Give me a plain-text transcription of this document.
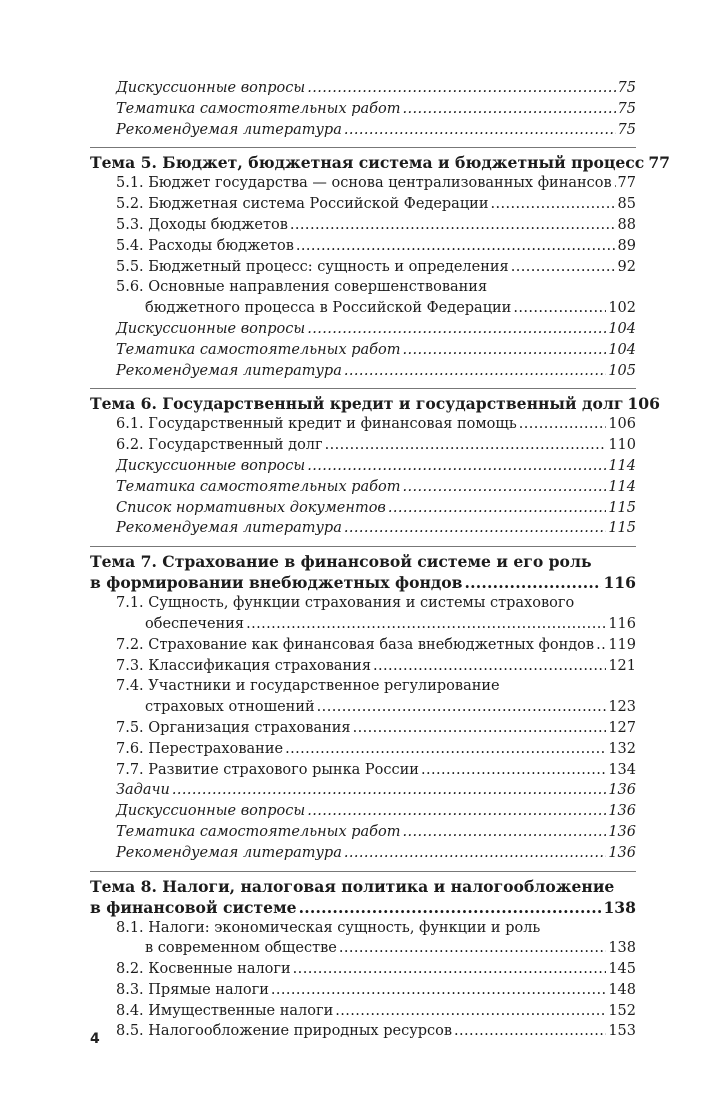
Дискуссионные вопросы .....	75
Тематика самостоятельных работ .....	75
Рекомендуемая литература .....	75
Тема 5. Бюджет, бюджетная система и бюджетный процесс 77
5.1. Бюджет государства — основа централизованных финансов ..... 77
5.2. Бюджетная система Российской Федерации .....	85
5.3. Доходы бюджетов .....	88
5.4. Расходы бюджетов .....	89
5.5. Бюджетный процесс: сущность и определения .....	92
5.6. Основные направления совершенствования
бюджетного процесса в Российской Федерации .....	102
Дискуссионные вопросы .....	104
Тематика самостоятельных работ .....	104
Рекомендуемая литература .....	105
Тема 6. Государственный кредит и государственный долг 106
6.1. Государственный кредит и финансовая помощь .....	106
6.2. Государственный долг .....	110
Дискуссионные вопросы .....	114
Тематика самостоятельных работ .....	114
Список нормативных документов .....	115
Рекомендуемая литература .....	115
Тема 7. Страхование в финансовой системе и его роль
в формировании внебюджетных фондов .....	116
7.1. Сущность, функции страхования и системы страхового
обеспечения .....	116
7.2. Страхование как финансовая база внебюджетных фондов ..... 119
7.3. Классификация страхования .....	121
7.4. Участники и государственное регулирование
страховых отношений .....	123
7.5. Организация страхования .....	127
7.6. Перестрахование .....	132
7.7. Развитие страхового рынка России .....	134
Задачи .....	136
Дискуссионные вопросы .....	136
Тематика самостоятельных работ .....	136
Рекомендуемая литература .....	136
Тема 8. Налоги, налоговая политика и налогообложение
в финансовой системе .....	138
8.1. Налоги: экономическая сущность, функции и роль
в современном обществе .....	138
8.2. Косвенные налоги .....	145
8.3. Прямые налоги .....	148
8.4. Имущественные налоги .....	152
8.5. Налогообложение природных ресурсов .....	153
4
